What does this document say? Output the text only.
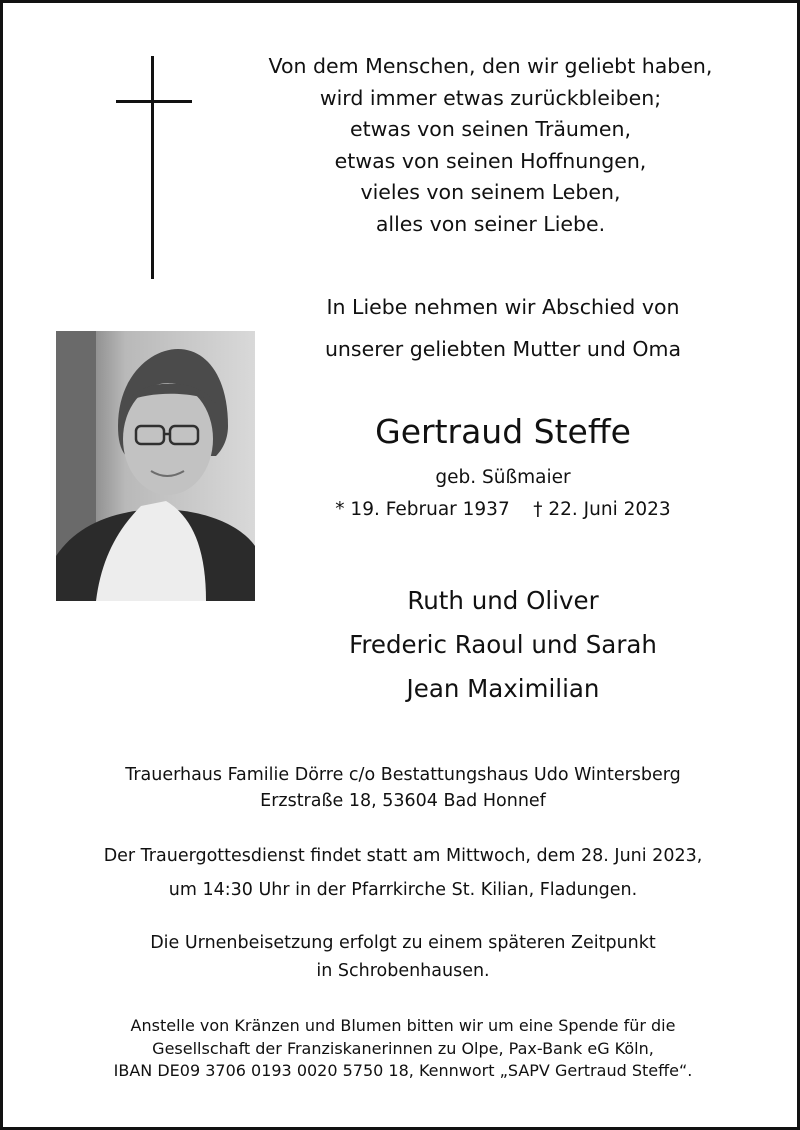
Von dem Menschen, den wir geliebt haben,
wird immer etwas zurückbleiben;
etwas von seinen Träumen,
etwas von seinen Hoffnungen,
vieles von seinem Leben,
alles von seiner Liebe.
In Liebe nehmen wir Abschied von
unserer geliebten Mutter und Oma
Gertraud Steffe
geb. Süßmaier
* 19. Februar 1937    † 22. Juni 2023
Ruth und Oliver
Frederic Raoul und Sarah
Jean Maximilian
Trauerhaus Familie Dörre c/o Bestattungshaus Udo Wintersberg
Erzstraße 18, 53604 Bad Honnef
Der Trauergottesdienst findet statt am Mittwoch, dem 28. Juni 2023,
um 14:30 Uhr in der Pfarrkirche St. Kilian, Fladungen.
Die Urnenbeisetzung erfolgt zu einem späteren Zeitpunkt
in Schrobenhausen.
Anstelle von Kränzen und Blumen bitten wir um eine Spende für die
Gesellschaft der Franziskanerinnen zu Olpe, Pax-Bank eG Köln,
IBAN DE09 3706 0193 0020 5750 18, Kennwort „SAPV Gertraud Steffe“.
